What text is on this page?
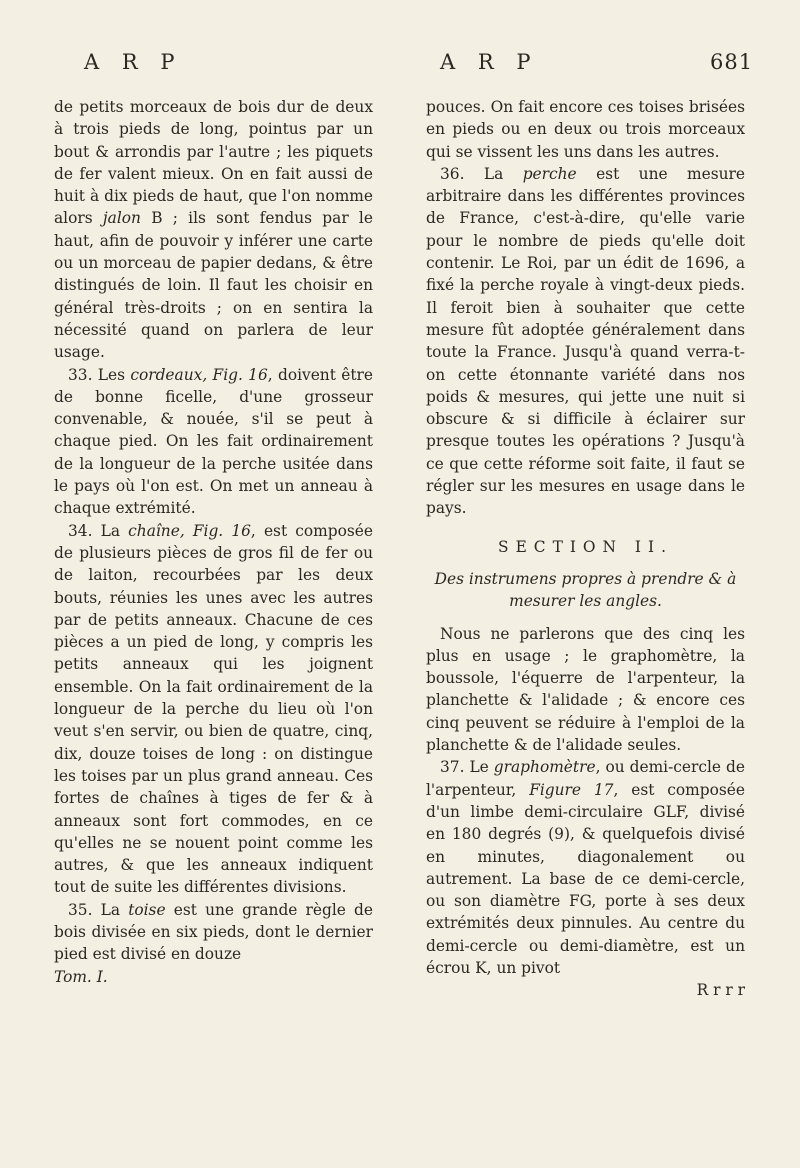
A R P	A R P	681

de petits morceaux de bois dur de deux à trois pieds de long, pointus par un bout & arrondis par l'autre ; les piquets de fer valent mieux. On en fait aussi de huit à dix pieds de haut, que l'on nomme alors jalon B ; ils sont fendus par le haut, afin de pouvoir y inférer une carte ou un morceau de papier dedans, & être distingués de loin. Il faut les choisir en général très-droits ; on en sentira la nécessité quand on parlera de leur usage.

33. Les cordeaux, Fig. 16, doivent être de bonne ficelle, d'une grosseur convenable, & nouée, s'il se peut à chaque pied. On les fait ordinairement de la longueur de la perche usitée dans le pays où l'on est. On met un anneau à chaque extrémité.

34. La chaîne, Fig. 16, est composée de plusieurs pièces de gros fil de fer ou de laiton, recourbées par les deux bouts, réunies les unes avec les autres par de petits anneaux. Chacune de ces pièces a un pied de long, y compris les petits anneaux qui les joignent ensemble. On la fait ordinairement de la longueur de la perche du lieu où l'on veut s'en servir, ou bien de quatre, cinq, dix, douze toises de long : on distingue les toises par un plus grand anneau. Ces fortes de chaînes à tiges de fer & à anneaux sont fort commodes, en ce qu'elles ne se nouent point comme les autres, & que les anneaux indiquent tout de suite les différentes divisions.

35. La toise est une grande règle de bois divisée en six pieds, dont le dernier pied est divisé en douze

Tom. I.

pouces. On fait encore ces toises brisées en pieds ou en deux ou trois morceaux qui se vissent les uns dans les autres.

36. La perche est une mesure arbitraire dans les différentes provinces de France, c'est-à-dire, qu'elle varie pour le nombre de pieds qu'elle doit contenir. Le Roi, par un édit de 1696, a fixé la perche royale à vingt-deux pieds. Il feroit bien à souhaiter que cette mesure fût adoptée généralement dans toute la France. Jusqu'à quand verra-t-on cette étonnante variété dans nos poids & mesures, qui jette une nuit si obscure & si difficile à éclairer sur presque toutes les opérations ? Jusqu'à ce que cette réforme soit faite, il faut se régler sur les mesures en usage dans le pays.

SECTION II.
Des instrumens propres à prendre & à mesurer les angles.

Nous ne parlerons que des cinq les plus en usage ; le graphomètre, la boussole, l'équerre de l'arpenteur, la planchette & l'alidade ; & encore ces cinq peuvent se réduire à l'emploi de la planchette & de l'alidade seules.

37. Le graphomètre, ou demi-cercle de l'arpenteur, Figure 17, est composée d'un limbe demi-circulaire GLF, divisé en 180 degrés (9), & quelquefois divisé en minutes, diagonalement ou autrement. La base de ce demi-cercle, ou son diamètre FG, porte à ses deux extrémités deux pinnules. Au centre du demi-cercle ou demi-diamètre, est un écrou K, un pivot

R r r r
